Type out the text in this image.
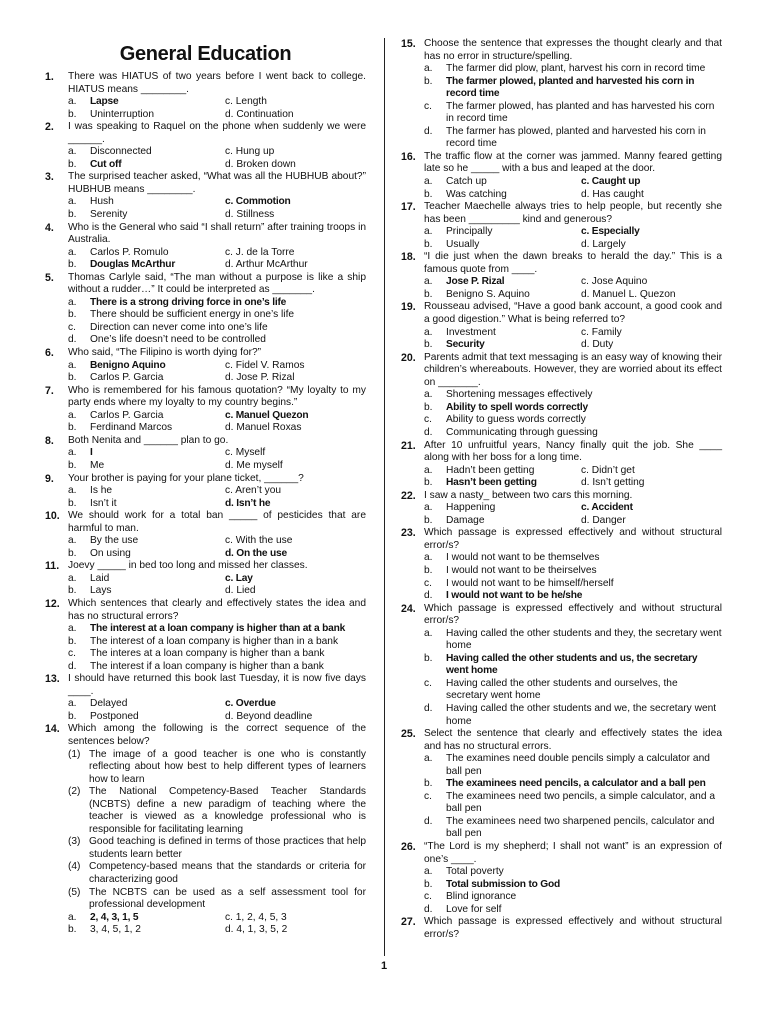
General Education
1. There was HIATUS of two years before I went back to college. HIATUS means ________.
a.	Lapse	c. Length
b.	Uninterruption	d. Continuation
2. I was speaking to Raquel on the phone when suddenly we were ______.
a.	Disconnected	c. Hung up
b.	Cut off	d. Broken down
3. The surprised teacher asked, “What was all the HUBHUB about?” HUBHUB means ________.
a.	Hush	c. Commotion
b.	Serenity	d. Stillness
4. Who is the General who said “I shall return” after training troops in Australia.
a.	Carlos P. Romulo	c. J. de la Torre
b.	Douglas McArthur	d. Arthur McArthur
5. Thomas Carlyle said, “The man without a purpose is like a ship without a rudder…” It could be interpreted as _______.
a.	There is a strong driving force in one’s life
b.	There should be sufficient energy in one’s life
c.	Direction can never come into one’s life
d.	One’s life doesn’t need to be controlled
6. Who said, “The Filipino is worth dying for?”
a.	Benigno Aquino	c. Fidel V. Ramos
b.	Carlos P. Garcia	d. Jose P. Rizal
7. Who is remembered for his famous quotation? “My loyalty to my party ends where my loyalty to my country begins.”
a.	Carlos P. Garcia	c. Manuel Quezon
b.	Ferdinand Marcos	d. Manuel Roxas
8. Both Nenita and ______ plan to go.
a.	I	c. Myself
b.	Me	d. Me myself
9. Your brother is paying for your plane ticket, ______?
a.	Is he	c. Aren’t you
b.	Isn’t it	d. Isn’t he
10. We should work for a total ban _____ of pesticides that are harmful to man.
a.	By the use	c. With the use
b.	On using	d. On the use
11. Joevy _____ in bed too long and missed her classes.
a.	Laid	c. Lay
b.	Lays	d. Lied
12. Which sentences that clearly and effectively states the idea and has no structural errors?
a.	The interest at a loan company is higher than at a bank
b.	The interest of a loan company is higher than in a bank
c.	The interes at a loan company is higher than a bank
d.	The interest if a loan company is higher than a bank
13. I should have returned this book last Tuesday, it is now five days ____.
a.	Delayed	c. Overdue
b.	Postponed	d. Beyond deadline
14. Which among the following is the correct sequence of the sentences below?
(1) The image of a good teacher is one who is constantly reflecting about how best to help different types of learners how to learn
(2) The National Competency-Based Teacher Standards (NCBTS) define a new paradigm of teaching where the teacher is viewed as a knowledge professional who is responsible for facilitating learning
(3) Good teaching is defined in terms of those practices that help students learn better
(4) Competency-based means that the standards or criteria for characterizing good
(5) The NCBTS can be used as a self assessment tool for professional development
a.	2, 4, 3, 1, 5	c. 1, 2, 4, 5, 3
b.	3, 4, 5, 1, 2	d. 4, 1, 3, 5, 2
15. Choose the sentence that expresses the thought clearly and that has no error in structure/spelling.
a.	The farmer did plow, plant, harvest his corn in record time
b.	The farmer plowed, planted and harvested his corn in record time
c.	The farmer plowed, has planted and has harvested his corn in record time
d.	The farmer has plowed, planted and harvested his corn in record time
16. The traffic flow at the corner was jammed. Manny feared getting late so he _____ with a bus and leaped at the door.
a.	Catch up	c. Caught up
b.	Was catching	d. Has caught
17. Teacher Maechelle always tries to help people, but recently she has been _________ kind and generous?
a.	Principally	c. Especially
b.	Usually	d. Largely
18. “I die just when the dawn breaks to herald the day.” This is a famous quote from ____.
a.	Jose P. Rizal	c. Jose Aquino
b.	Benigno S. Aquino	d. Manuel L. Quezon
19. Rousseau advised, “Have a good bank account, a good cook and a good digestion.” What is being referred to?
a.	Investment	c. Family
b.	Security	d. Duty
20. Parents admit that text messaging is an easy way of knowing their children’s whereabouts. However, they are worried about its effect on _______.
a.	Shortening messages effectively
b.	Ability to spell words correctly
c.	Ability to guess words correctly
d.	Communicating through guessing
21. After 10 unfruitful years, Nancy finally quit the job. She ____ along with her boss for a long time.
a.	Hadn’t been getting	c. Didn’t get
b.	Hasn’t been getting	d. Isn’t getting
22. I saw a nasty_ between two cars this morning.
a.	Happening	c. Accident
b.	Damage	d. Danger
23. Which passage is expressed effectively and without structural error/s?
a.	I would not want to be themselves
b.	I would not want to be theirselves
c.	I would not want to be himself/herself
d.	I would not want to be he/she
24. Which passage is expressed effectively and without structural error/s?
a.	Having called the other students and they, the secretary went home
b.	Having called the other students and us, the secretary went home
c.	Having called the other students and ourselves, the secretary went home
d.	Having called the other students and we, the secretary went home
25. Select the sentence that clearly and effectively states the idea and has no structural errors.
a.	The examines need double pencils simply a calculator and ball pen
b.	The examinees need pencils, a calculator and a ball pen
c.	The examinees need two pencils, a simple calculator, and a ball pen
d.	The examinees need two sharpened pencils, calculator and ball pen
26. “The Lord is my shepherd; I shall not want” is an expression of one’s ____.
a.	Total poverty
b.	Total submission to God
c.	Blind ignorance
d.	Love for self
27. Which passage is expressed effectively and without structural error/s?
1
